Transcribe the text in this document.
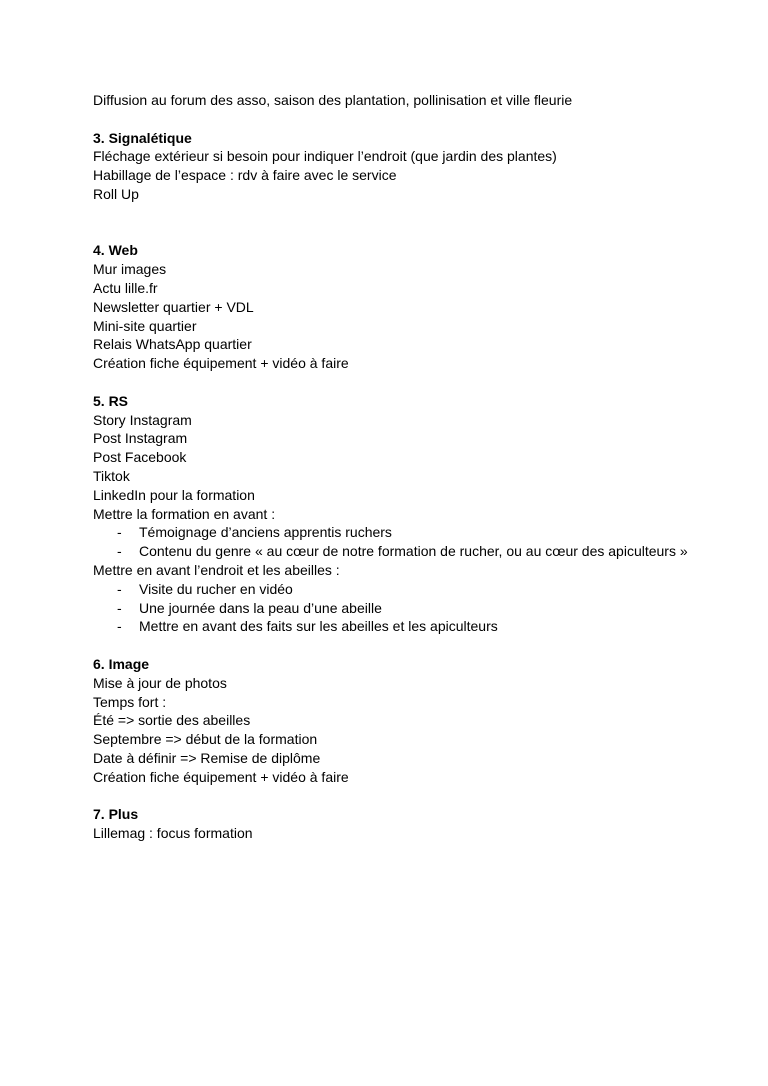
Diffusion au forum des asso, saison des plantation, pollinisation et ville fleurie
3. Signalétique
Fléchage extérieur si besoin pour indiquer l’endroit (que jardin des plantes)
Habillage de l’espace : rdv à faire avec le service
Roll Up
4. Web
Mur images
Actu lille.fr
Newsletter quartier + VDL
Mini-site quartier
Relais WhatsApp quartier
Création fiche équipement + vidéo à faire
5. RS
Story Instagram
Post Instagram
Post Facebook
Tiktok
LinkedIn pour la formation
Mettre la formation en avant :
- Témoignage d’anciens apprentis ruchers
- Contenu du genre « au cœur de notre formation de rucher, ou au cœur des apiculteurs »
Mettre en avant l’endroit et les abeilles :
- Visite du rucher en vidéo
- Une journée dans la peau d’une abeille
- Mettre en avant des faits sur les abeilles et les apiculteurs
6. Image
Mise à jour de photos
Temps fort :
Été => sortie des abeilles
Septembre => début de la formation
Date à définir => Remise de diplôme
Création fiche équipement + vidéo à faire
7. Plus
Lillemag : focus formation
